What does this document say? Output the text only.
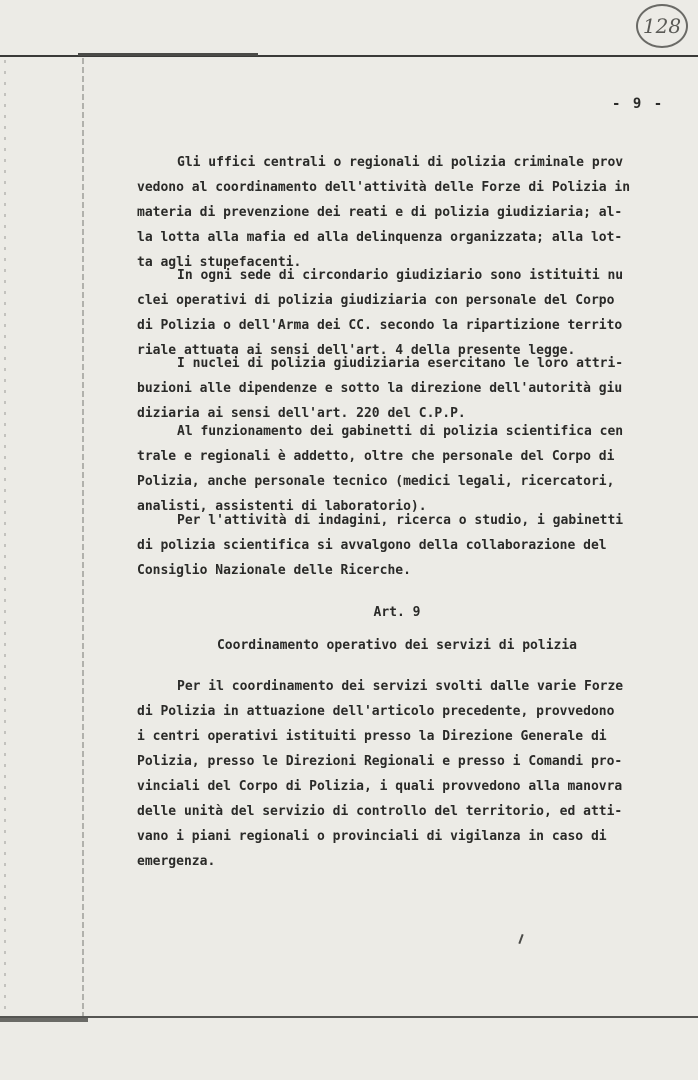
128
- 9 -
Gli uffici centrali o regionali di polizia criminale prov
vedono al coordinamento dell'attività delle Forze di Polizia in
materia di prevenzione dei reati e di polizia giudiziaria; al-
la lotta alla mafia ed alla delinquenza organizzata; alla lot-
ta agli stupefacenti.
In ogni sede di circondario giudiziario sono istituiti nu
clei operativi di polizia giudiziaria con personale del Corpo
di Polizia o dell'Arma dei CC. secondo la ripartizione territo
riale attuata ai sensi dell'art. 4 della presente legge.
I nuclei di polizia giudiziaria esercitano le loro attri-
buzioni alle dipendenze e sotto la direzione dell'autorità giu
diziaria ai sensi dell'art. 220 del C.P.P.
Al funzionamento dei gabinetti di polizia scientifica cen
trale e regionali è addetto, oltre che personale del Corpo di
Polizia, anche personale tecnico (medici legali, ricercatori,
analisti, assistenti di laboratorio).
Per l'attività di indagini, ricerca o studio, i gabinetti
di polizia scientifica si avvalgono della collaborazione del
Consiglio Nazionale delle Ricerche.
Art. 9
Coordinamento operativo dei servizi di polizia
Per il coordinamento dei servizi svolti dalle varie Forze
di Polizia in attuazione dell'articolo precedente, provvedono
i centri operativi istituiti presso la Direzione Generale di
Polizia, presso le Direzioni Regionali e presso i Comandi pro-
vinciali del Corpo di Polizia, i quali provvedono alla manovra
delle unità del servizio di controllo del territorio, ed atti-
vano i piani regionali o provinciali di vigilanza in caso di
emergenza.
